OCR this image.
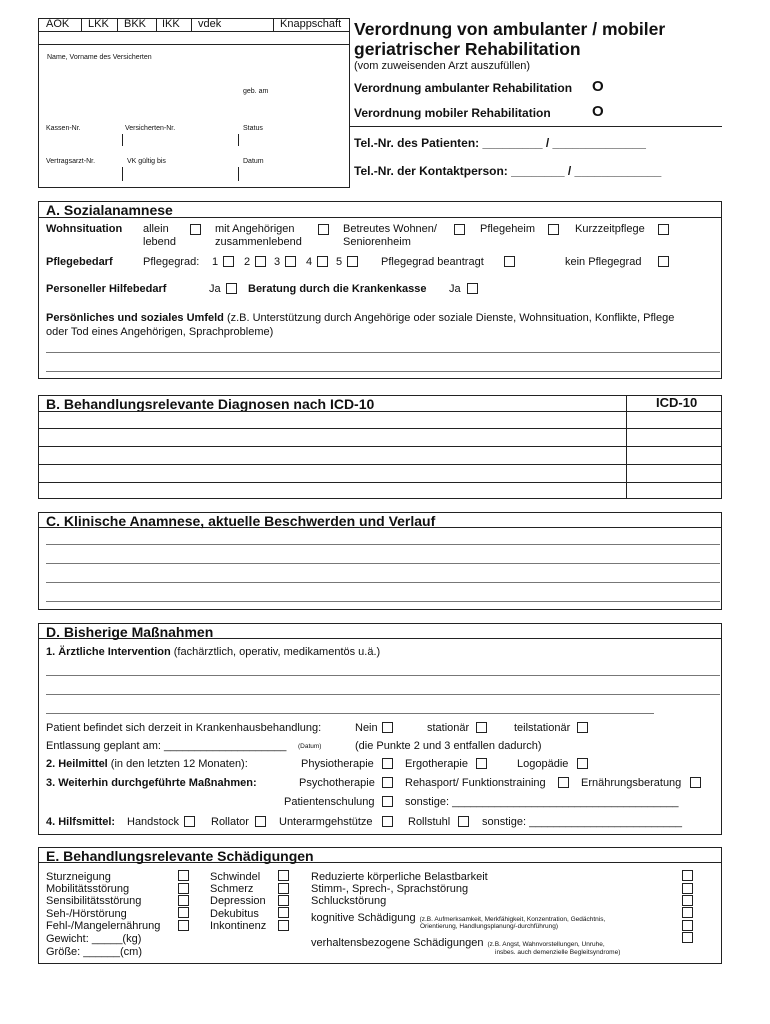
AOK LKK BKK IKK vdek	Knappschaft
Name, Vorname des Versicherten
geb. am
Kassen-Nr.	Versicherten-Nr.	Status
Vertragsarzt-Nr.	VK gültig bis	Datum
Verordnung von ambulanter / mobiler
geriatrischer Rehabilitation
(vom zuweisenden Arzt auszufüllen)
Verordnung ambulanter Rehabilitation O
Verordnung mobiler Rehabilitation	O
Tel.-Nr. des Patienten: _________ / ______________
Tel.-Nr. der Kontaktperson: ________ / _____________
A. Sozialanamnese
Wohnsituation allein
lebend
mit Angehörigen
zusammenlebend
Betreutes Wohnen/
Seniorenheim
Pflegeheim	Kurzzeitpflege
Pflegebedarf	Pflegegrad: 1 2 3 4 5	Pflegegrad beantragt	kein Pflegegrad
Personeller Hilfebedarf	Ja Beratung durch die Krankenkasse Ja
Persönliches und soziales Umfeld (z.B. Unterstützung durch Angehörige oder soziale Dienste, Wohnsituation, Konflikte, Pflege
oder Tod eines Angehörigen, Sprachprobleme)
B. Behandlungsrelevante Diagnosen nach ICD-10	ICD-10
C. Klinische Anamnese, aktuelle Beschwerden und Verlauf
D. Bisherige Maßnahmen
1. Ärztliche Intervention (fachärztlich, operativ, medikamentös u.ä.)
Patient befindet sich derzeit in Krankenhausbehandlung:	Nein	stationär	teilstationär
Entlassung geplant am: ____________________ (Datum)	(die Punkte 2 und 3 entfallen dadurch)
2. Heilmittel (in den letzten 12 Monaten):	Physiotherapie	Ergotherapie	Logopädie
3. Weiterhin durchgeführte Maßnahmen:	Psychotherapie	Rehasport/ Funktionstraining	Ernährungsberatung
Patientenschulung	sonstige: _____________________________________
4. Hilfsmittel: Handstock	Rollator	Unterarmgehstütze	Rollstuhl	sonstige: _________________________
E. Behandlungsrelevante Schädigungen
Sturzneigung
Mobilitätsstörung
Sensibilitätsstörung
Seh-/Hörstörung
Fehl-/Mangelernährung
Gewicht: _____(kg)
Größe: ______(cm)
Schwindel
Schmerz
Depression
Dekubitus
Inkontinenz
Reduzierte körperliche Belastbarkeit
Stimm-, Sprech-, Sprachstörung
Schluckstörung
kognitive Schädigung (z.B. Aufmerksamkeit, Merkfähigkeit, Konzentration, Gedächtnis,
Orientierung, Handlungsplanung/-durchführung)
verhaltensbezogene Schädigungen (z.B. Angst, Wahnvorstellungen, Unruhe,
insbes. auch demenzielle Begleitsyndrome)
